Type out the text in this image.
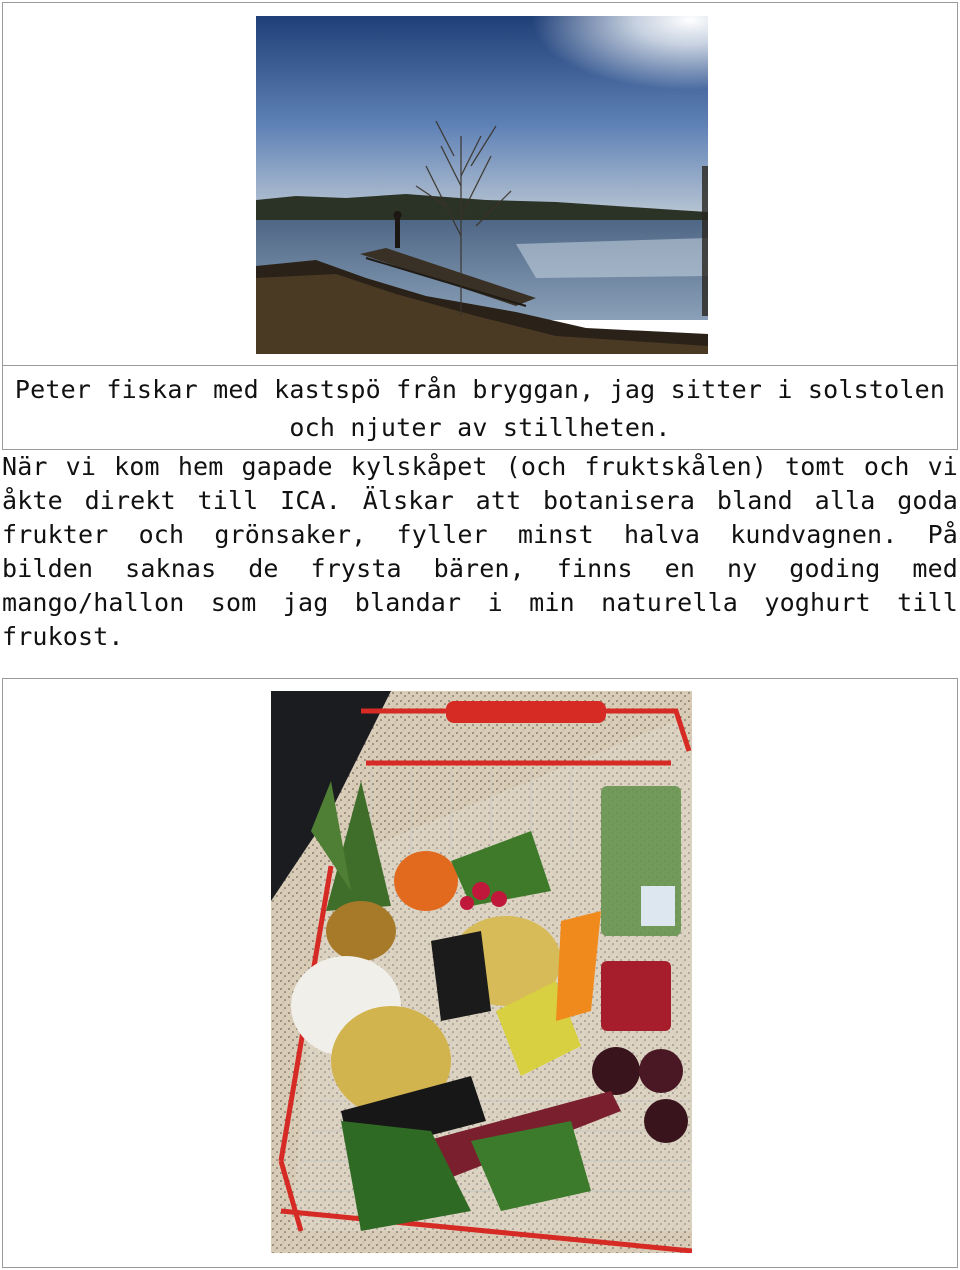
Peter fiskar med kastspö från bryggan, jag sitter i solstolen och njuter av stillheten.

När vi kom hem gapade kylskåpet (och fruktskålen) tomt och vi åkte direkt till ICA. Älskar att botanisera bland alla goda frukter och grönsaker, fyller minst halva kundvagnen. På bilden saknas de frysta bären, finns en ny goding med mango/hallon som jag blandar i min naturella yoghurt till frukost.
